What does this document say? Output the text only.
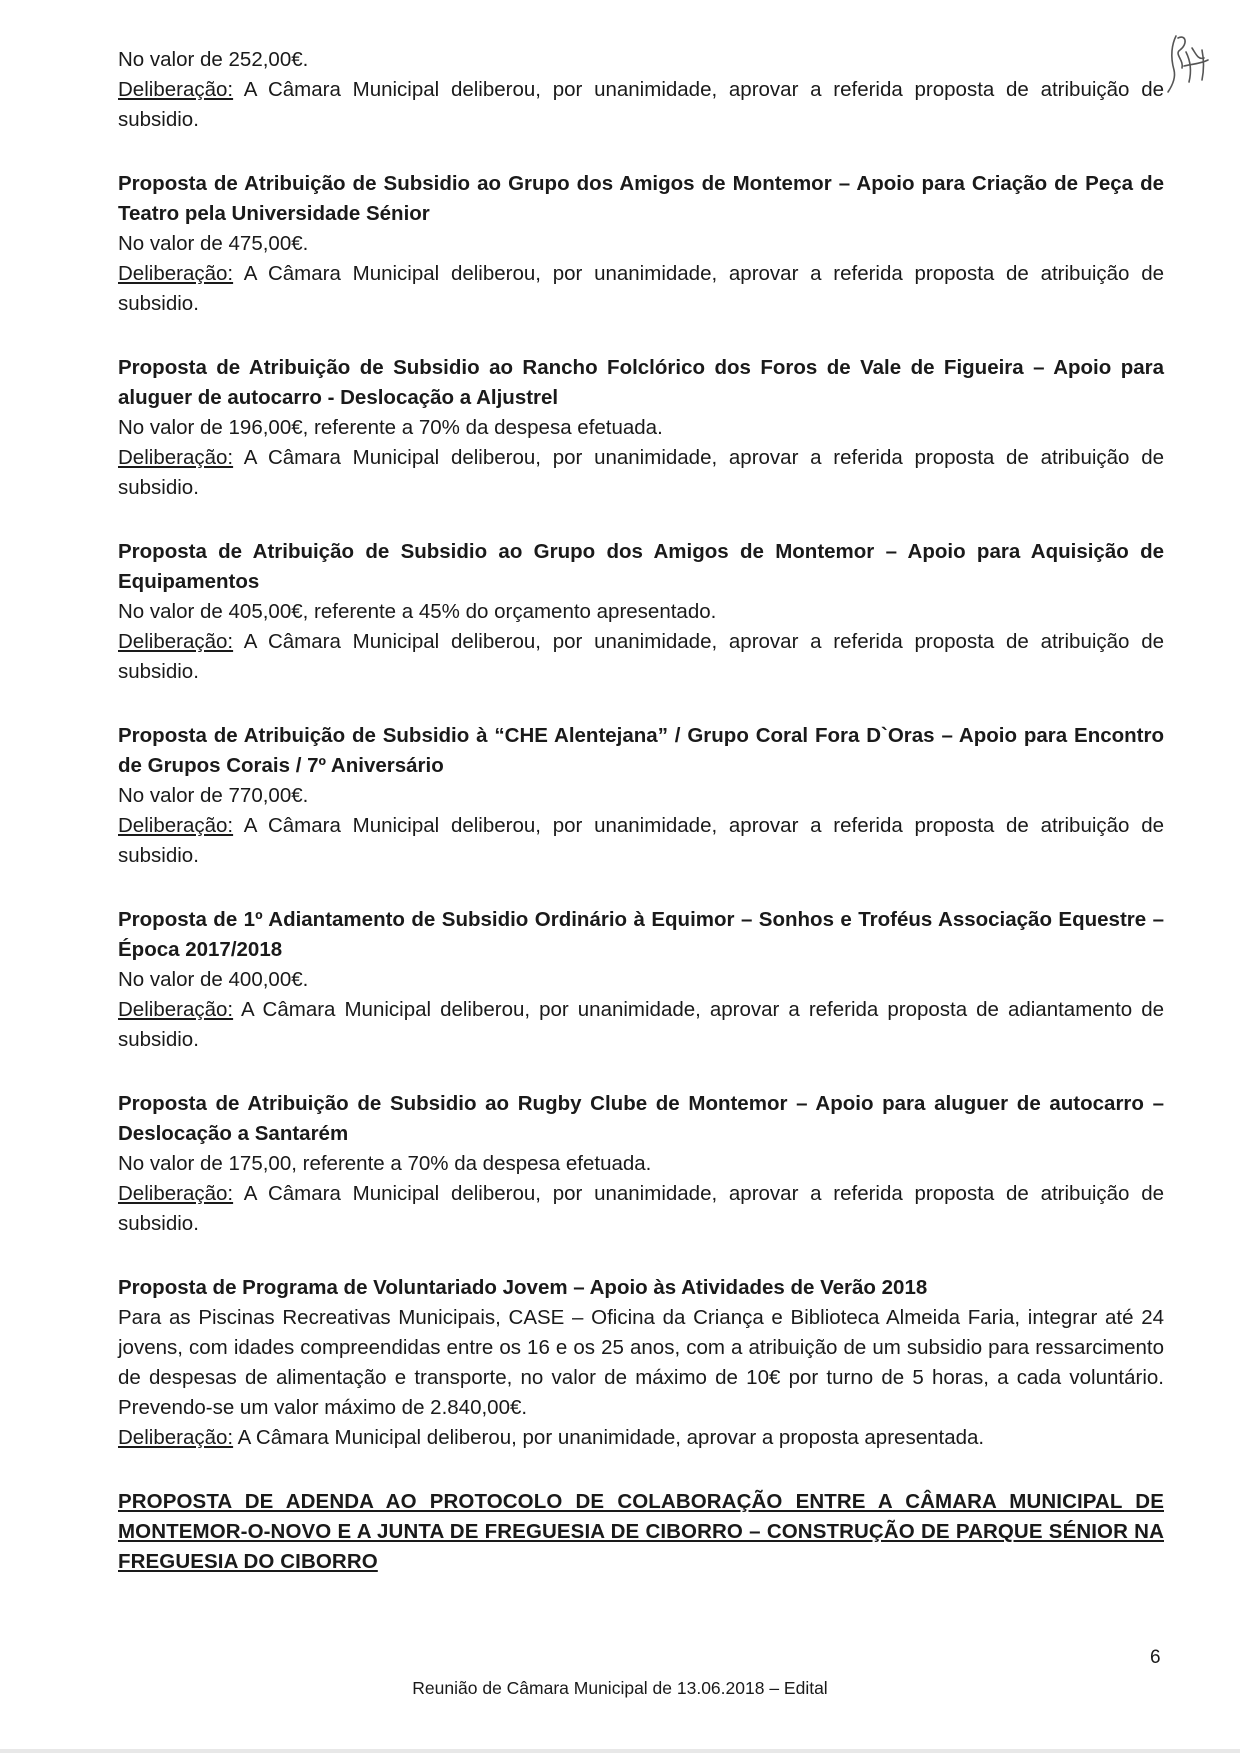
No valor de 252,00€.
Deliberação: A Câmara Municipal deliberou, por unanimidade, aprovar a referida proposta de atribuição de subsidio.
Proposta de Atribuição de Subsidio ao Grupo dos Amigos de Montemor – Apoio para Criação de Peça de Teatro pela Universidade Sénior
No valor de 475,00€.
Deliberação: A Câmara Municipal deliberou, por unanimidade, aprovar a referida proposta de atribuição de subsidio.
Proposta de Atribuição de Subsidio ao Rancho Folclórico dos Foros de Vale de Figueira – Apoio para aluguer de autocarro - Deslocação a Aljustrel
No valor de 196,00€, referente a 70% da despesa efetuada.
Deliberação: A Câmara Municipal deliberou, por unanimidade, aprovar a referida proposta de atribuição de subsidio.
Proposta de Atribuição de Subsidio ao Grupo dos Amigos de Montemor – Apoio para Aquisição de Equipamentos
No valor de 405,00€, referente a 45% do orçamento apresentado.
Deliberação: A Câmara Municipal deliberou, por unanimidade, aprovar a referida proposta de atribuição de subsidio.
Proposta de Atribuição de Subsidio à “CHE Alentejana” / Grupo Coral Fora D`Oras – Apoio para Encontro de Grupos Corais / 7º Aniversário
No valor de 770,00€.
Deliberação: A Câmara Municipal deliberou, por unanimidade, aprovar a referida proposta de atribuição de subsidio.
Proposta de 1º Adiantamento de Subsidio Ordinário à Equimor – Sonhos e Troféus Associação Equestre – Época 2017/2018
No valor de 400,00€.
Deliberação: A Câmara Municipal deliberou, por unanimidade, aprovar a referida proposta de adiantamento de subsidio.
Proposta de Atribuição de Subsidio ao Rugby Clube de Montemor – Apoio para aluguer de autocarro – Deslocação a Santarém
No valor de 175,00, referente a 70% da despesa efetuada.
Deliberação: A Câmara Municipal deliberou, por unanimidade, aprovar a referida proposta de atribuição de subsidio.
Proposta de Programa de Voluntariado Jovem – Apoio às Atividades de Verão 2018
Para as Piscinas Recreativas Municipais, CASE – Oficina da Criança e Biblioteca Almeida Faria, integrar até 24 jovens, com idades compreendidas entre os 16 e os 25 anos, com a atribuição de um subsidio para ressarcimento de despesas de alimentação e transporte, no valor de máximo de 10€ por turno de 5 horas, a cada voluntário. Prevendo-se um valor máximo de 2.840,00€.
Deliberação: A Câmara Municipal deliberou, por unanimidade, aprovar a proposta apresentada.
PROPOSTA DE ADENDA AO PROTOCOLO DE COLABORAÇÃO ENTRE A CÂMARA MUNICIPAL DE MONTEMOR-O-NOVO E A JUNTA DE FREGUESIA DE CIBORRO – CONSTRUÇÃO DE PARQUE SÉNIOR NA FREGUESIA DO CIBORRO
6
Reunião de Câmara Municipal de 13.06.2018 – Edital
